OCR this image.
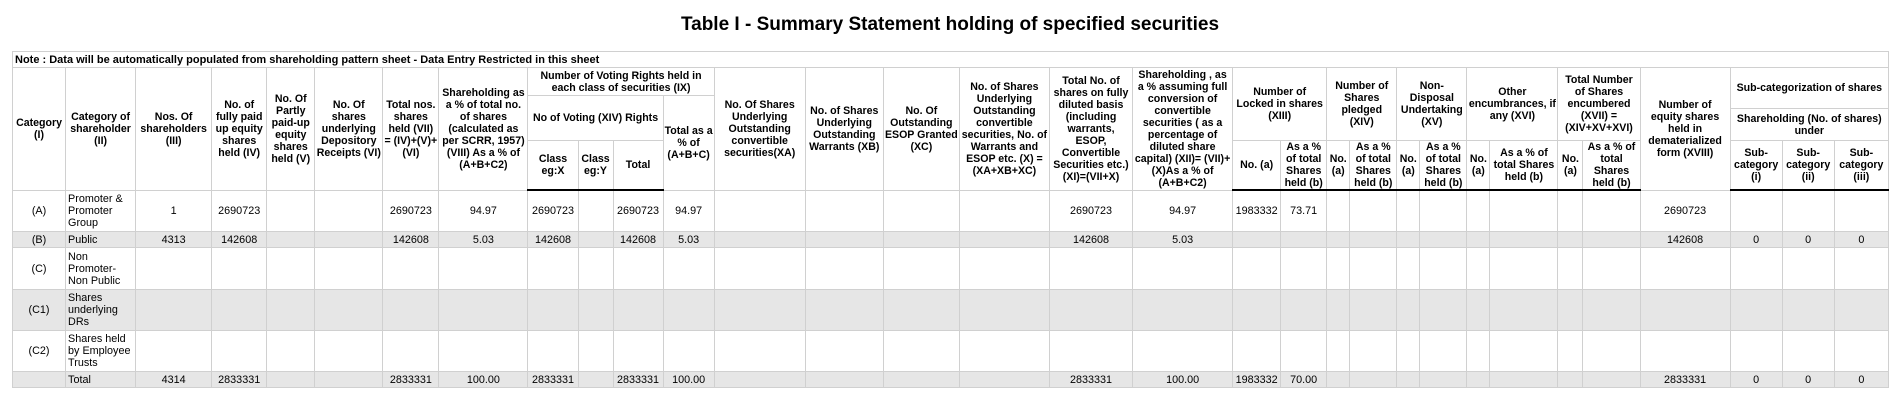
Table I - Summary Statement holding of specified securities
Note : Data will be automatically populated from shareholding pattern sheet - Data Entry Restricted in this sheet
Category (I)	Category of shareholder (II)	Nos. Of shareholders (III)	No. of fully paid up equity shares held (IV)	No. Of Partly paid-up equity shares held (V)	No. Of shares underlying Depository Receipts (VI)	Total nos. shares held (VII) = (IV)+(V)+ (VI)	Shareholding as a % of total no. of shares (calculated as per SCRR, 1957) (VIII) As a % of (A+B+C2)	Number of Voting Rights held in each class of securities (IX)				No. Of Shares Underlying Outstanding convertible securities(XA)	No. of Shares Underlying Outstanding Warrants (XB)	No. Of Outstanding ESOP Granted (XC)	No. of Shares Underlying Outstanding convertible securities, No. of Warrants and ESOP etc. (X) = (XA+XB+XC)	Total No. of shares on fully diluted basis (including warrants, ESOP, Convertible Securities etc.) (XI)=(VII+X)	Shareholding , as a % assuming full conversion of convertible securities ( as a percentage of diluted share capital) (XII)= (VII)+(X)As a % of (A+B+C2)	Number of Locked in shares (XIII)		Number of Shares pledged (XIV)		Non-Disposal Undertaking (XV)		Other encumbrances, if any (XVI)		Total Number of Shares encumbered (XVII) = (XIV+XV+XVI)		Number of equity shares held in dematerialized form (XVIII)	Sub-categorization of shares		
								No of Voting (XIV) Rights			Total as a % of (A+B+C)																				
																													Shareholding (No. of shares) under		
								Class eg:X	Class eg:Y	Total								No. (a)	As a % of total Shares held (b)	No. (a)	As a % of total Shares held (b)	No. (a)	As a % of total Shares held (b)	No. (a)	As a % of total Shares held (b)	No. (a)	As a % of total Shares held (b)		Sub-category (i)	Sub-category (ii)	Sub-category (iii)
(A)	Promoter & Promoter Group	1	2690723			2690723	94.97	2690723		2690723	94.97					2690723	94.97	1983332	73.71									2690723			
(B)	Public	4313	142608			142608	5.03	142608		142608	5.03					142608	5.03											142608	0	0	0
(C)	Non Promoter- Non Public																														
(C1)	Shares underlying DRs																														
(C2)	Shares held by Employee Trusts																														
	Total	4314	2833331			2833331	100.00	2833331		2833331	100.00					2833331	100.00	1983332	70.00									2833331	0	0	0
